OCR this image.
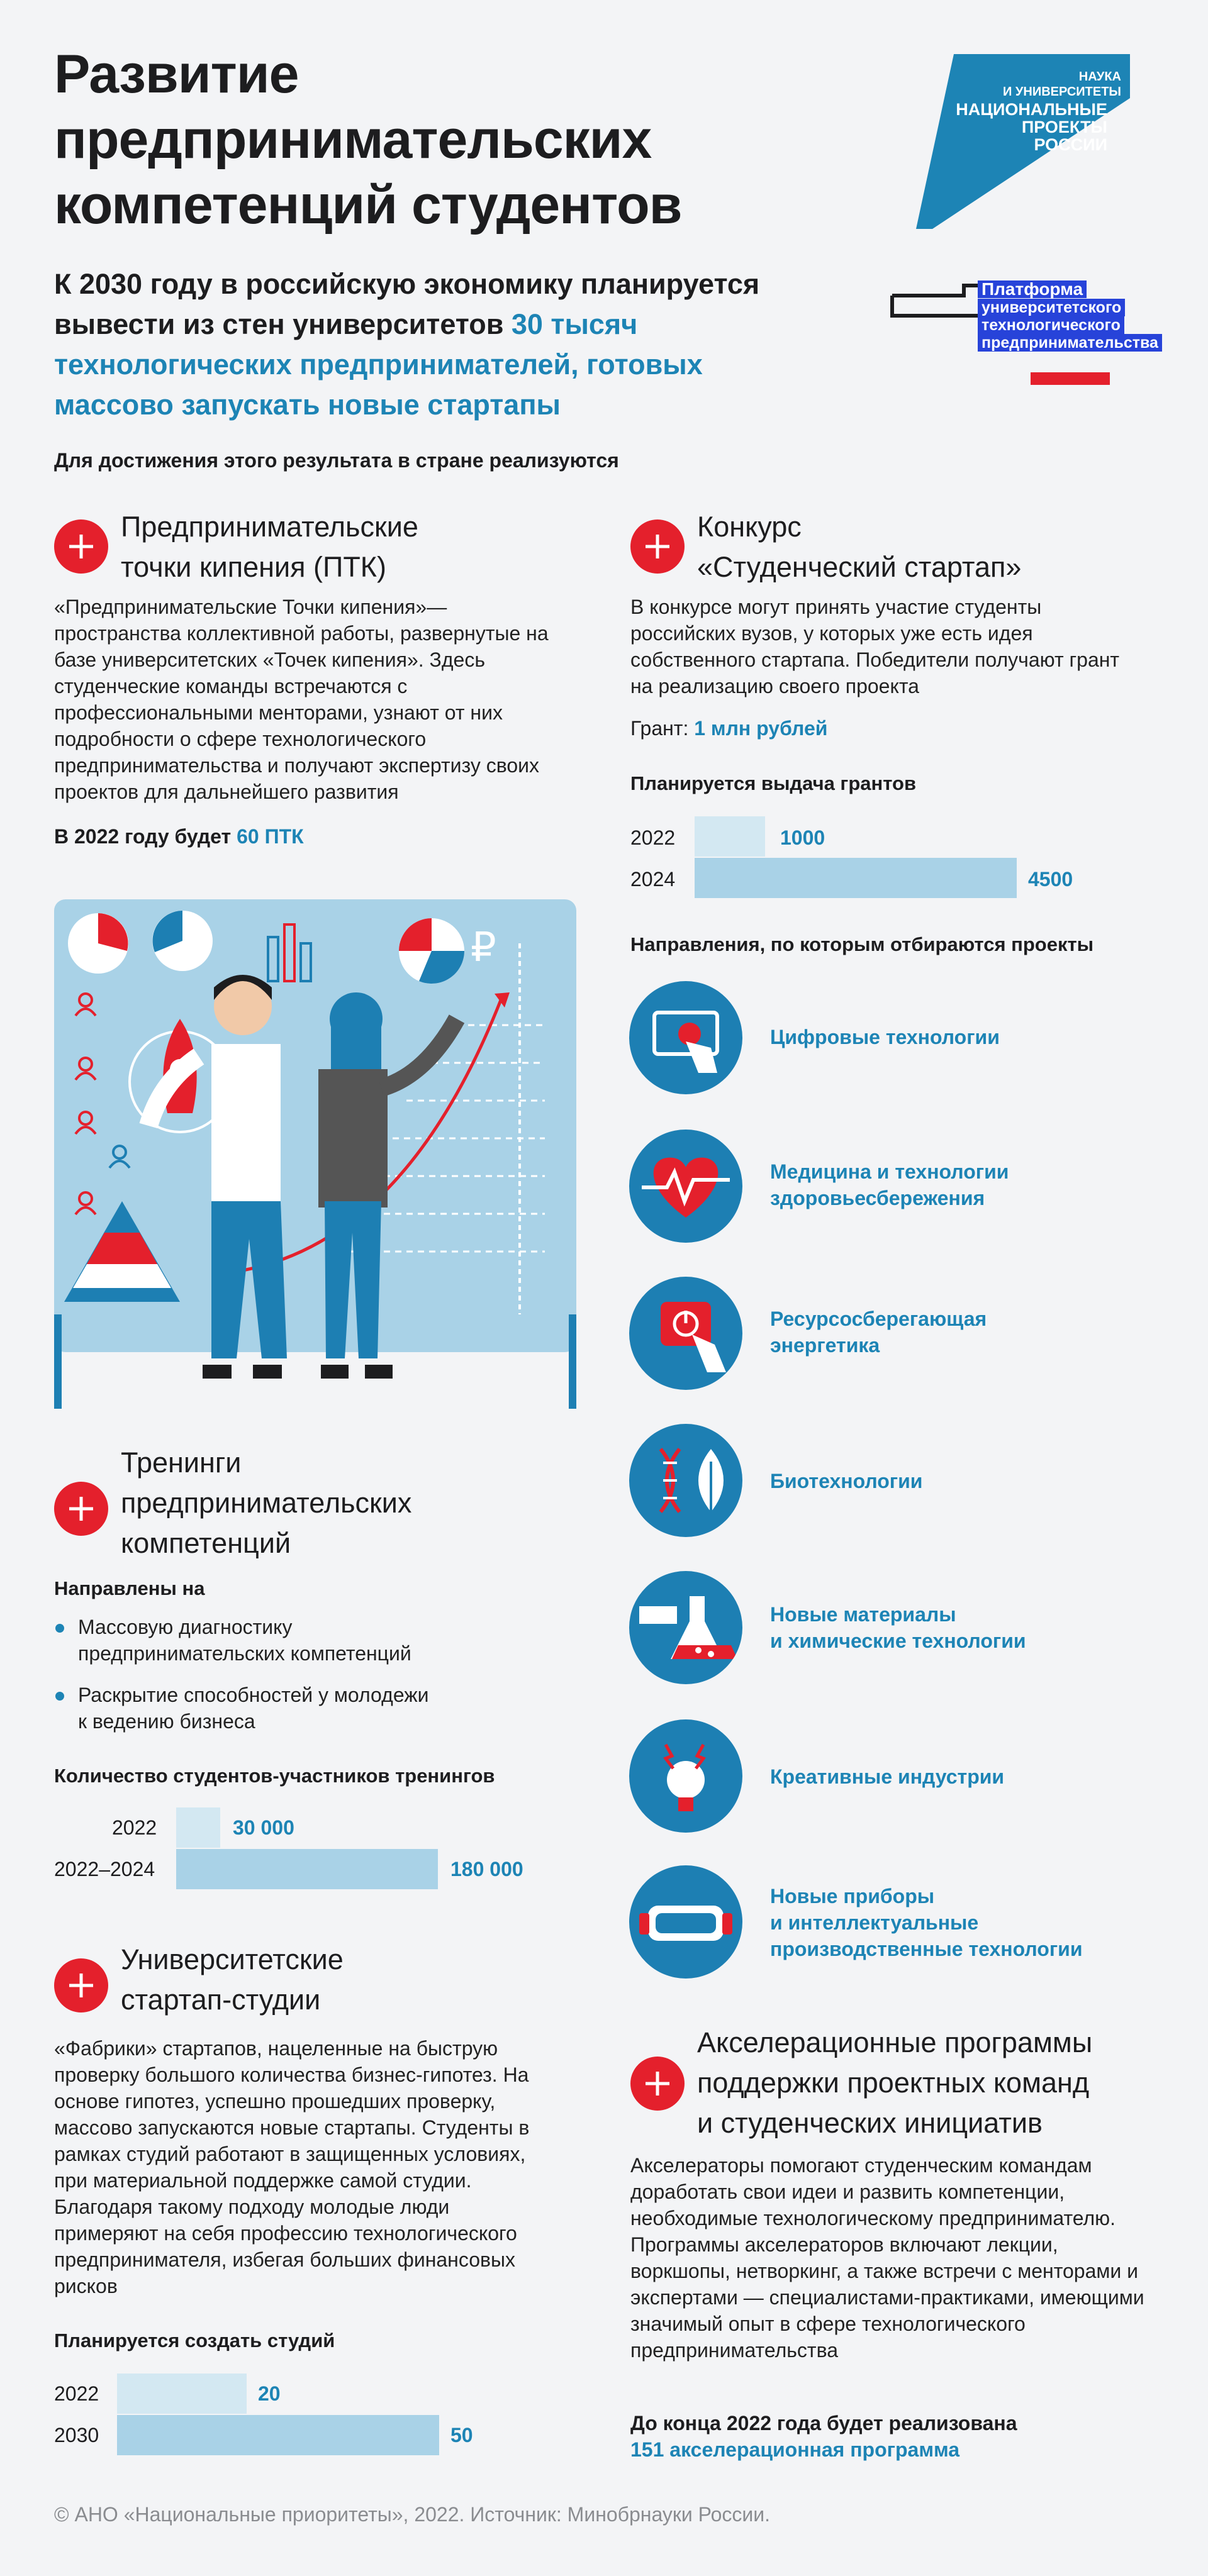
Развитие
предпринимательских
компетенций студентов
К 2030 году в российскую экономику планируется вывести из стен университетов 30 тысяч технологических предпринимателей, готовых массово запускать новые стартапы
Для достижения этого результата в стране реализуются
НАУКА
И УНИВЕРСИТЕТЫ
НАЦИОНАЛЬНЫЕ
ПРОЕКТЫ
РОССИИ
Платформа
университетского
технологического
предпринимательства
Предпринимательские
точки кипения (ПТК)
«Предпринимательские Точки кипения»— пространства коллективной работы, развернутые на базе университетских «Точек кипения». Здесь студенческие команды встречаются с профессиональными менторами, узнают от них подробности о сфере технологического предпринимательства и получают экспертизу своих проектов для дальнейшего развития
В 2022 году будет 60 ПТК
₽
Тренинги
предпринимательских
компетенций
Направлены на
Массовую диагностику
предпринимательских компетенций
Раскрытие способностей у молодежи
к ведению бизнеса
Количество студентов-участников тренингов
2022	30 000
2022–2024	180 000
Университетские
стартап-студии
«Фабрики» стартапов, нацеленные на быструю проверку большого количества бизнес-гипотез. На основе гипотез, успешно прошедших проверку, массово запускаются новые стартапы. Студенты в рамках студий работают в защищенных условиях, при материальной поддержке самой студии. Благодаря такому подходу молодые люди примеряют на себя профессию технологического предпринимателя, избегая больших финансовых рисков
Планируется создать студий
2022	20
2030	50
Конкурс
«Студенческий стартап»
В конкурсе могут принять участие студенты российских вузов, у которых уже есть идея собственного стартапа. Победители получают грант на реализацию своего проекта
Грант: 1 млн рублей
Планируется выдача грантов
2022	1000
2024	4500
Направления, по которым отбираются проекты
Цифровые технологии
Медицина и технологии
здоровьесбережения
Ресурсосберегающая
энергетика
Биотехнологии
Новые материалы
и химические технологии
Креативные индустрии
Новые приборы
и интеллектуальные
производственные технологии
Акселерационные программы
поддержки проектных команд
и студенческих инициатив
Акселераторы помогают студенческим командам доработать свои идеи и развить компетенции, необходимые технологическому предпринимателю. Программы акселераторов включают лекции, воркшопы, нетворкинг, а также встречи с менторами и экспертами — специалистами-практиками, имеющими значимый опыт в сфере технологического предпринимательства
До конца 2022 года будет реализована
151 акселерационная программа
© АНО «Национальные приоритеты», 2022. Источник: Минобрнауки России.
